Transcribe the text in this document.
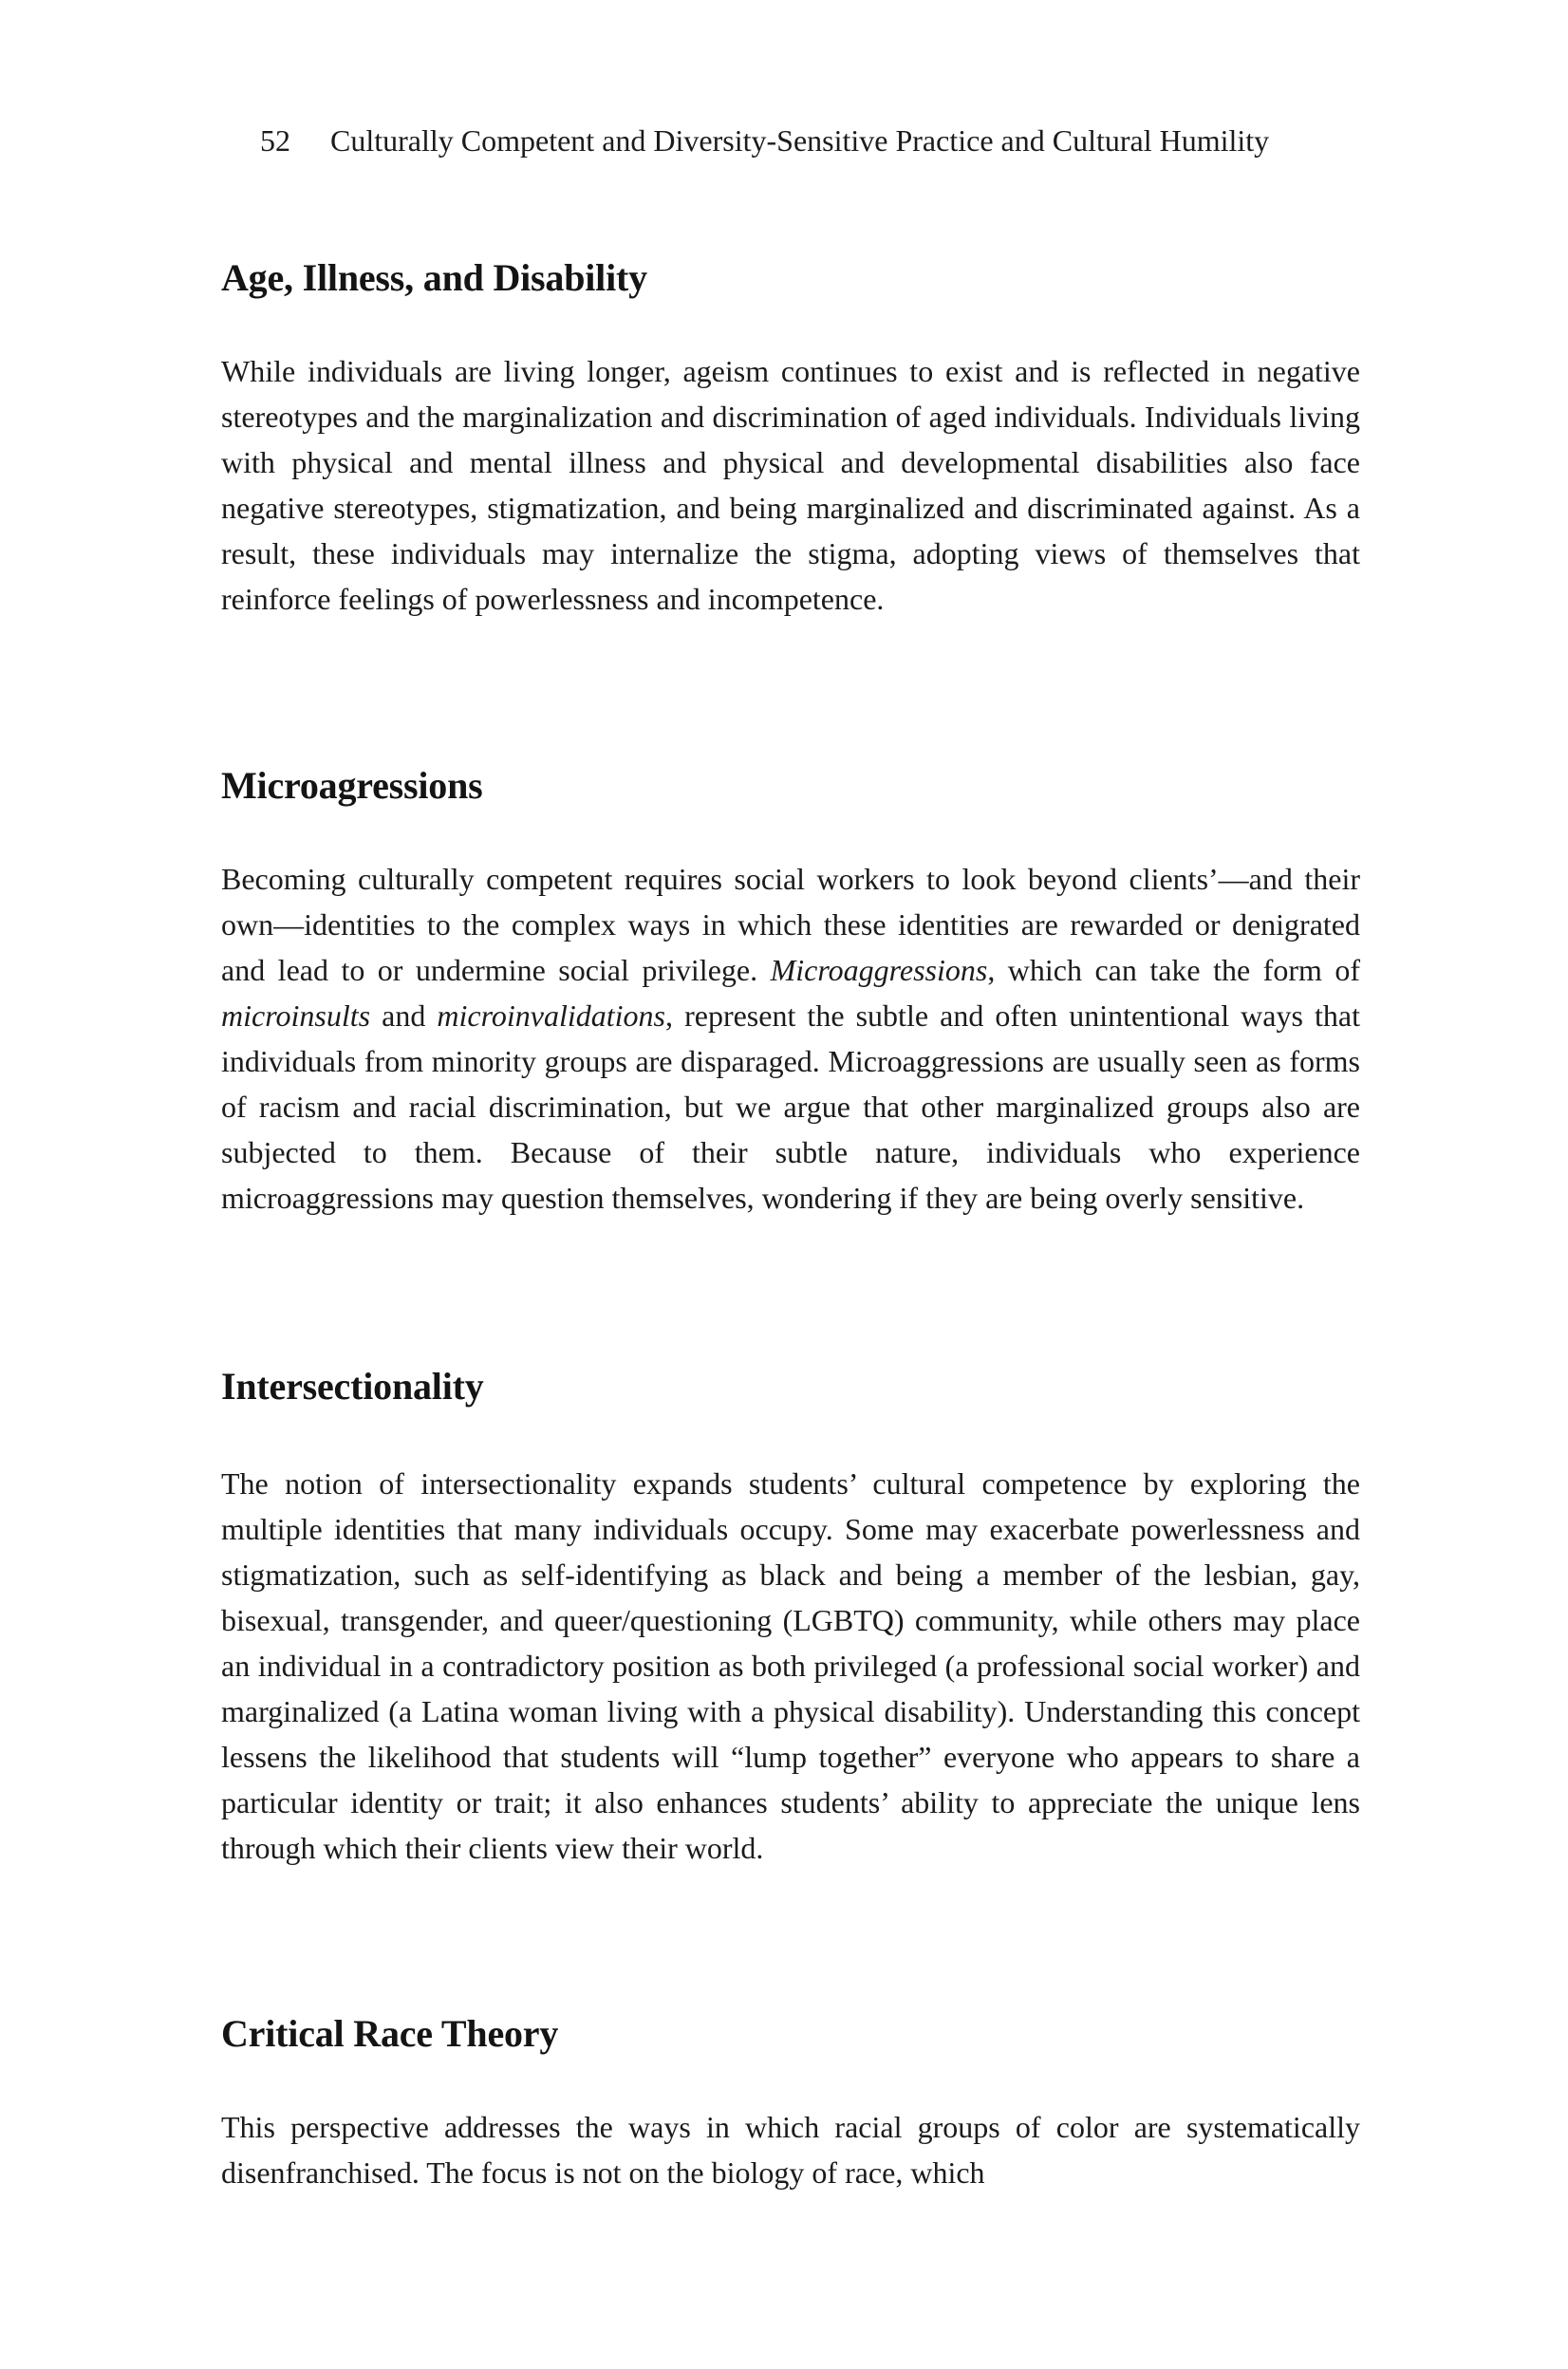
52 Culturally Competent and Diversity-Sensitive Practice and Cultural Humility
Age, Illness, and Disability

While individuals are living longer, ageism continues to exist and is reflected in negative stereotypes and the marginalization and discrimination of aged individuals. Individuals living with physical and mental illness and physical and developmental disabilities also face negative stereotypes, stigmatization, and being marginalized and discriminated against. As a result, these individuals may internalize the stigma, adopting views of themselves that reinforce feelings of powerlessness and incompetence.

Microagressions

Becoming culturally competent requires social workers to look beyond clients’—and their own—identities to the complex ways in which these identities are rewarded or denigrated and lead to or undermine social privilege. Microaggressions, which can take the form of microinsults and microinvalidations, represent the subtle and often unintentional ways that individuals from minority groups are disparaged. Microaggressions are usually seen as forms of racism and racial discrimination, but we argue that other marginalized groups also are subjected to them. Because of their subtle nature, individuals who experience microaggressions may question themselves, wondering if they are being overly sensitive.

Intersectionality

The notion of intersectionality expands students’ cultural competence by exploring the multiple identities that many individuals occupy. Some may exacerbate powerlessness and stigmatization, such as self-identifying as black and being a member of the lesbian, gay, bisexual, transgender, and queer/questioning (LGBTQ) community, while others may place an individual in a contradictory position as both privileged (a professional social worker) and marginalized (a Latina woman living with a physical disability). Understanding this concept lessens the likelihood that students will “lump together” everyone who appears to share a particular identity or trait; it also enhances students’ ability to appreciate the unique lens through which their clients view their world.

Critical Race Theory

This perspective addresses the ways in which racial groups of color are systematically disenfranchised. The focus is not on the biology of race, which
